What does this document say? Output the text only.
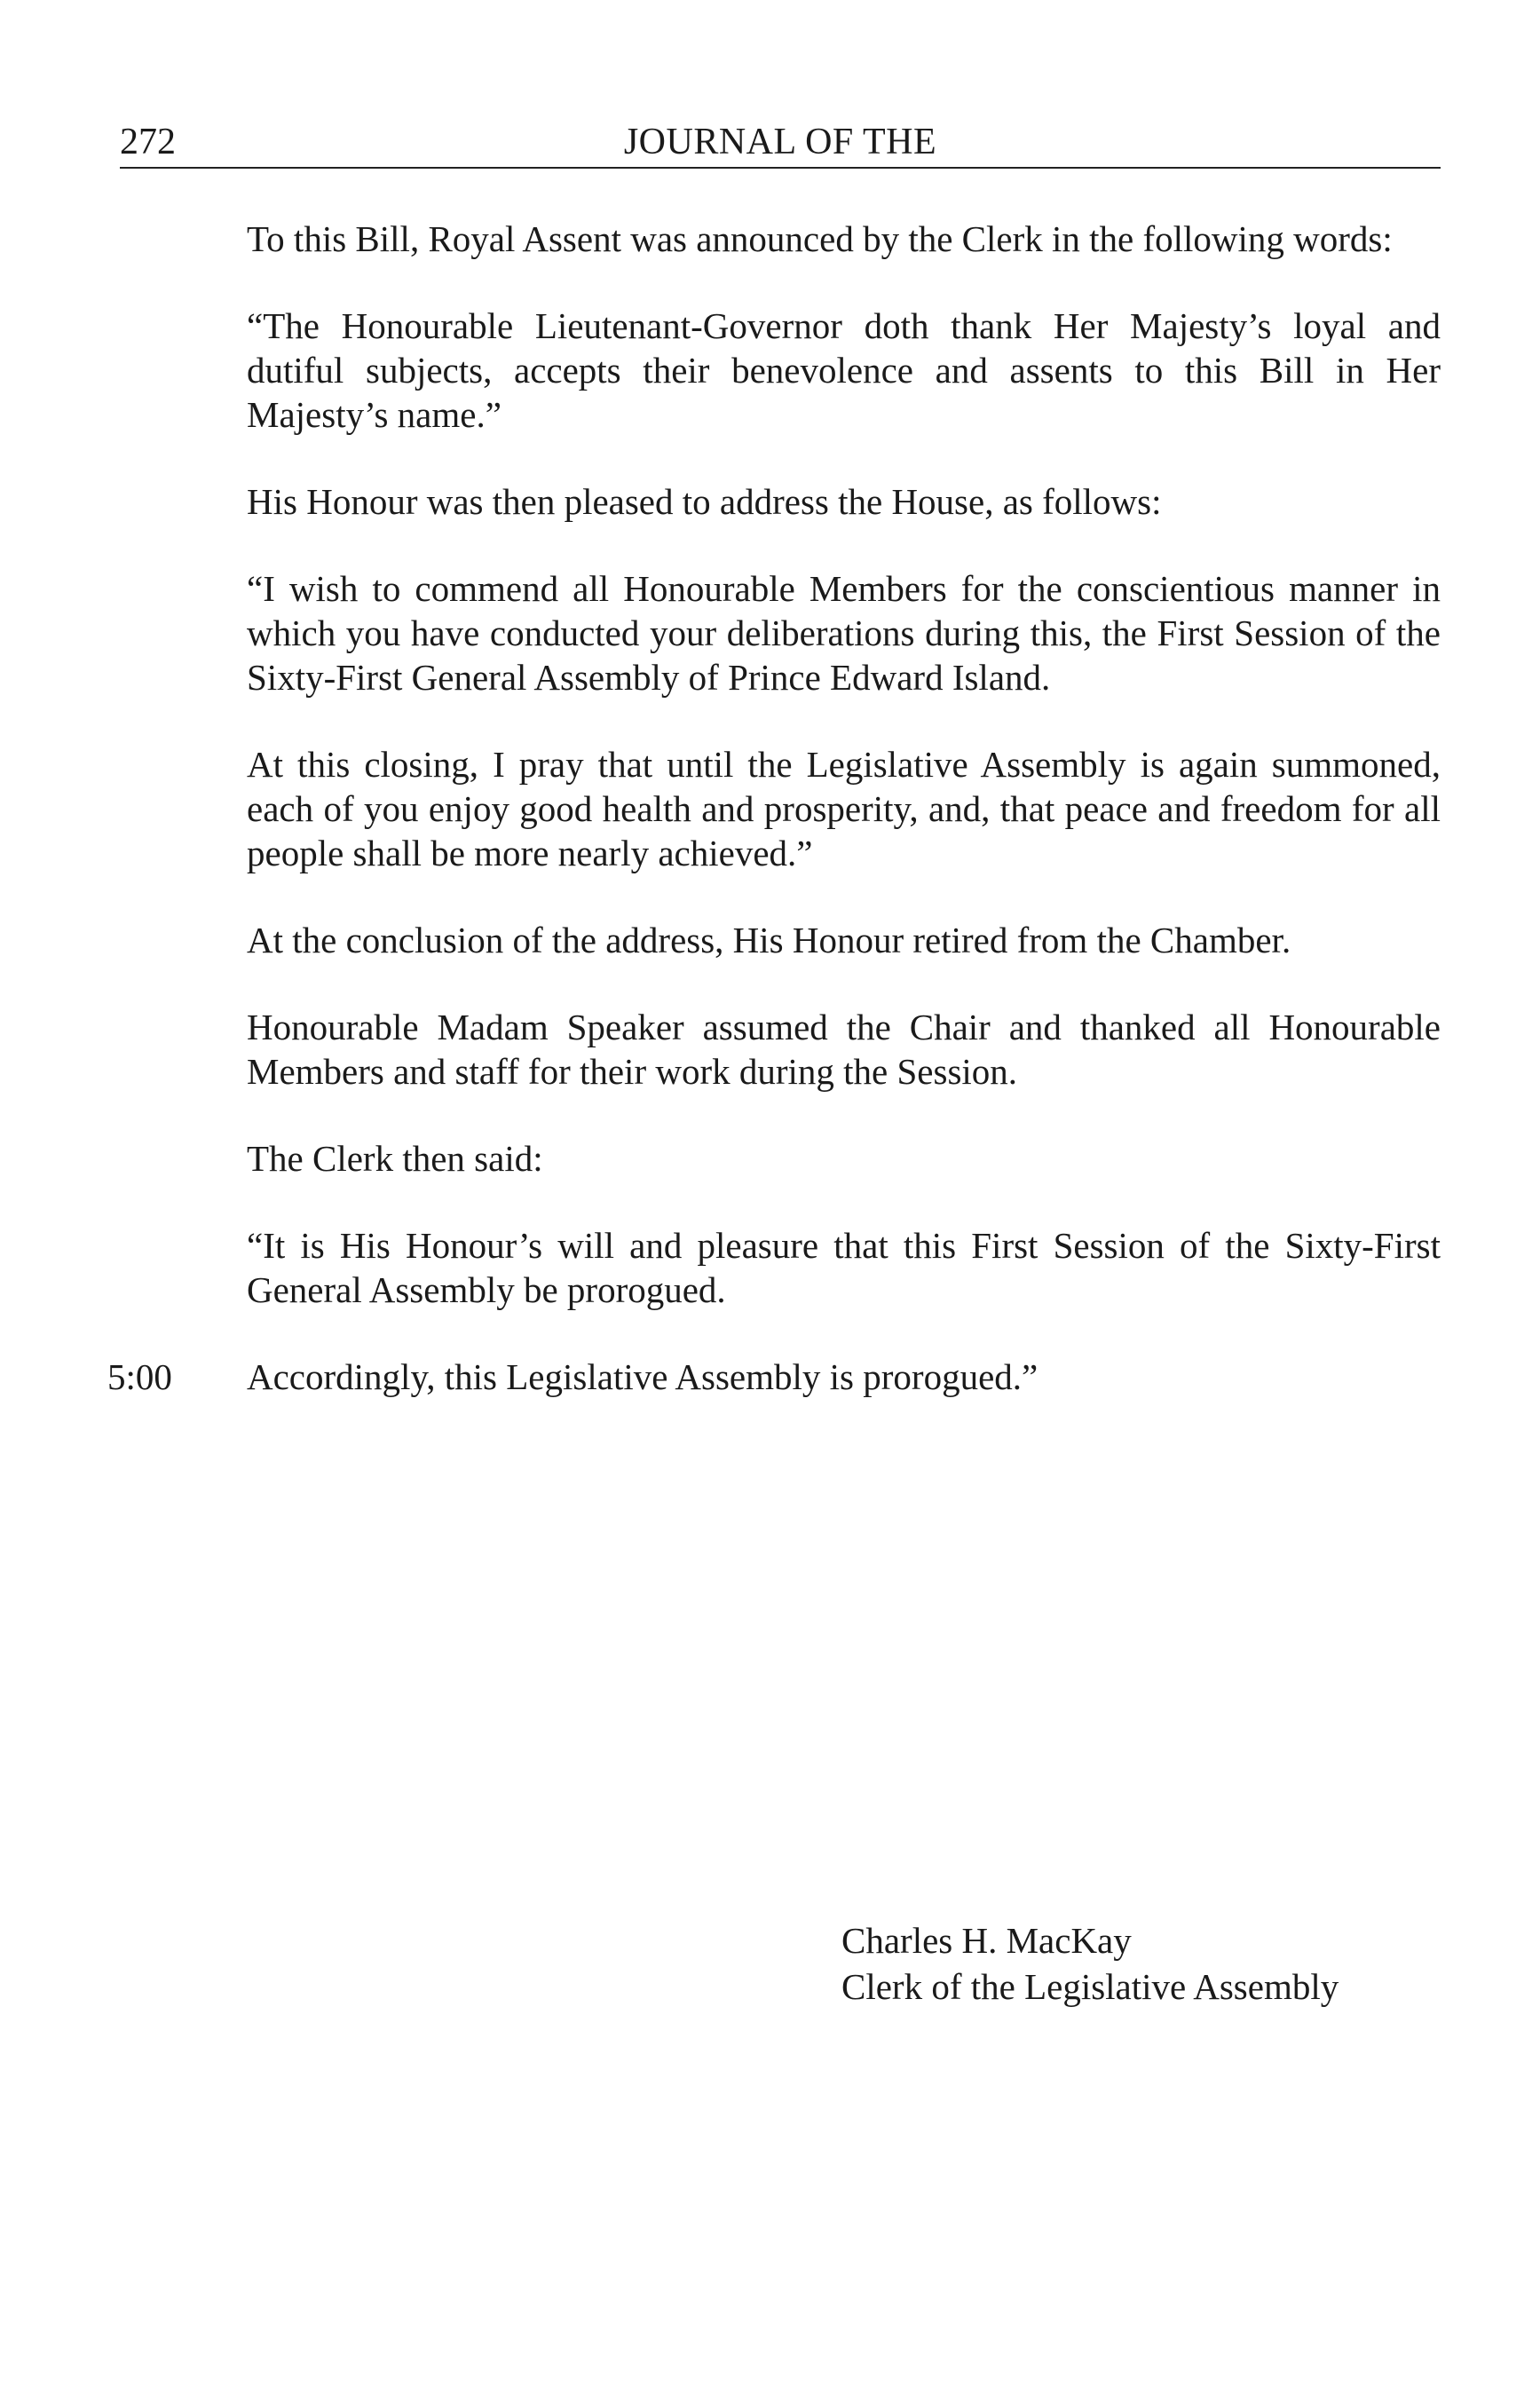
272	JOURNAL OF THE

To this Bill, Royal Assent was announced by the Clerk in the following words:

“The Honourable Lieutenant-Governor doth thank Her Majesty’s loyal and dutiful subjects, accepts their benevolence and assents to this Bill in Her Majesty’s name.”

His Honour was then pleased to address the House, as follows:

“I wish to commend all Honourable Members for the conscientious manner in which you have conducted your deliberations during this, the First Session of the Sixty-First General Assembly of Prince Edward Island.

At this closing, I pray that until the Legislative Assembly is again summoned, each of you enjoy good health and prosperity, and, that peace and freedom for all people shall be more nearly achieved.”

At the conclusion of the address, His Honour retired from the Chamber.

Honourable Madam Speaker assumed the Chair and thanked all Honourable Members and staff for their work during the Session.

The Clerk then said:

“It is His Honour’s will and pleasure that this First Session of the Sixty-First General Assembly be prorogued.

5:00 Accordingly, this Legislative Assembly is prorogued.”
Charles H. MacKay
Clerk of the Legislative Assembly
